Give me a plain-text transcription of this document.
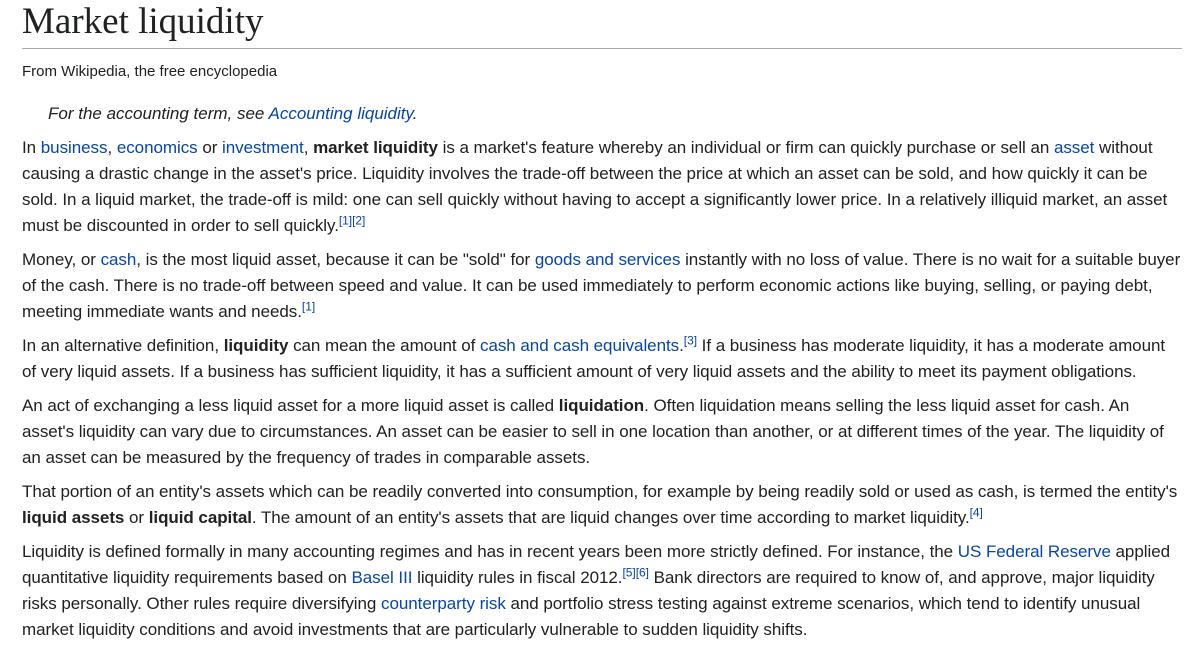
Market liquidity
From Wikipedia, the free encyclopedia
For the accounting term, see Accounting liquidity.

In business, economics or investment, market liquidity is a market's feature whereby an individual or firm can quickly purchase or sell an asset without causing a drastic change in the asset's price. Liquidity involves the trade-off between the price at which an asset can be sold, and how quickly it can be sold. In a liquid market, the trade-off is mild: one can sell quickly without having to accept a significantly lower price. In a relatively illiquid market, an asset must be discounted in order to sell quickly.[1][2]

Money, or cash, is the most liquid asset, because it can be "sold" for goods and services instantly with no loss of value. There is no wait for a suitable buyer of the cash. There is no trade-off between speed and value. It can be used immediately to perform economic actions like buying, selling, or paying debt, meeting immediate wants and needs.[1]

In an alternative definition, liquidity can mean the amount of cash and cash equivalents.[3] If a business has moderate liquidity, it has a moderate amount of very liquid assets. If a business has sufficient liquidity, it has a sufficient amount of very liquid assets and the ability to meet its payment obligations.

An act of exchanging a less liquid asset for a more liquid asset is called liquidation. Often liquidation means selling the less liquid asset for cash. An asset's liquidity can vary due to circumstances. An asset can be easier to sell in one location than another, or at different times of the year. The liquidity of an asset can be measured by the frequency of trades in comparable assets.

That portion of an entity's assets which can be readily converted into consumption, for example by being readily sold or used as cash, is termed the entity's liquid assets or liquid capital. The amount of an entity's assets that are liquid changes over time according to market liquidity.[4]

Liquidity is defined formally in many accounting regimes and has in recent years been more strictly defined. For instance, the US Federal Reserve applied quantitative liquidity requirements based on Basel III liquidity rules in fiscal 2012.[5][6] Bank directors are required to know of, and approve, major liquidity risks personally. Other rules require diversifying counterparty risk and portfolio stress testing against extreme scenarios, which tend to identify unusual market liquidity conditions and avoid investments that are particularly vulnerable to sudden liquidity shifts.
